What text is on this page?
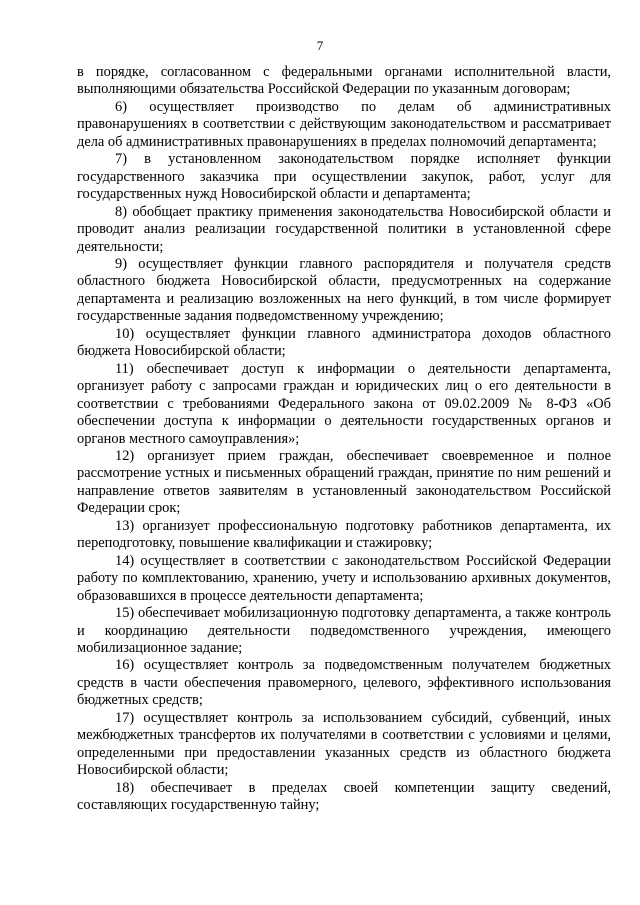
7

в порядке, согласованном с федеральными органами исполнительной власти, выполняющими обязательства Российской Федерации по указанным договорам;

6) осуществляет производство по делам об административных правонарушениях в соответствии с действующим законодательством и рассматривает дела об административных правонарушениях в пределах полномочий департамента;

7) в установленном законодательством порядке исполняет функции государственного заказчика при осуществлении закупок, работ, услуг для государственных нужд Новосибирской области и департамента;

8) обобщает практику применения законодательства Новосибирской области и проводит анализ реализации государственной политики в установленной сфере деятельности;

9) осуществляет функции главного распорядителя и получателя средств областного бюджета Новосибирской области, предусмотренных на содержание департамента и реализацию возложенных на него функций, в том числе формирует государственные задания подведомственному учреждению;

10) осуществляет функции главного администратора доходов областного бюджета Новосибирской области;

11) обеспечивает доступ к информации о деятельности департамента, организует работу с запросами граждан и юридических лиц о его деятельности в соответствии с требованиями Федерального закона от 09.02.2009 № 8-ФЗ «Об обеспечении доступа к информации о деятельности государственных органов и органов местного самоуправления»;

12) организует прием граждан, обеспечивает своевременное и полное рассмотрение устных и письменных обращений граждан, принятие по ним решений и направление ответов заявителям в установленный законодательством Российской Федерации срок;

13) организует профессиональную подготовку работников департамента, их переподготовку, повышение квалификации и стажировку;

14) осуществляет в соответствии с законодательством Российской Федерации работу по комплектованию, хранению, учету и использованию архивных документов, образовавшихся в процессе деятельности департамента;

15) обеспечивает мобилизационную подготовку департамента, а также контроль и координацию деятельности подведомственного учреждения, имеющего мобилизационное задание;

16) осуществляет контроль за подведомственным получателем бюджетных средств в части обеспечения правомерного, целевого, эффективного использования бюджетных средств;

17) осуществляет контроль за использованием субсидий, субвенций, иных межбюджетных трансфертов их получателями в соответствии с условиями и целями, определенными при предоставлении указанных средств из областного бюджета Новосибирской области;

18) обеспечивает в пределах своей компетенции защиту сведений, составляющих государственную тайну;
